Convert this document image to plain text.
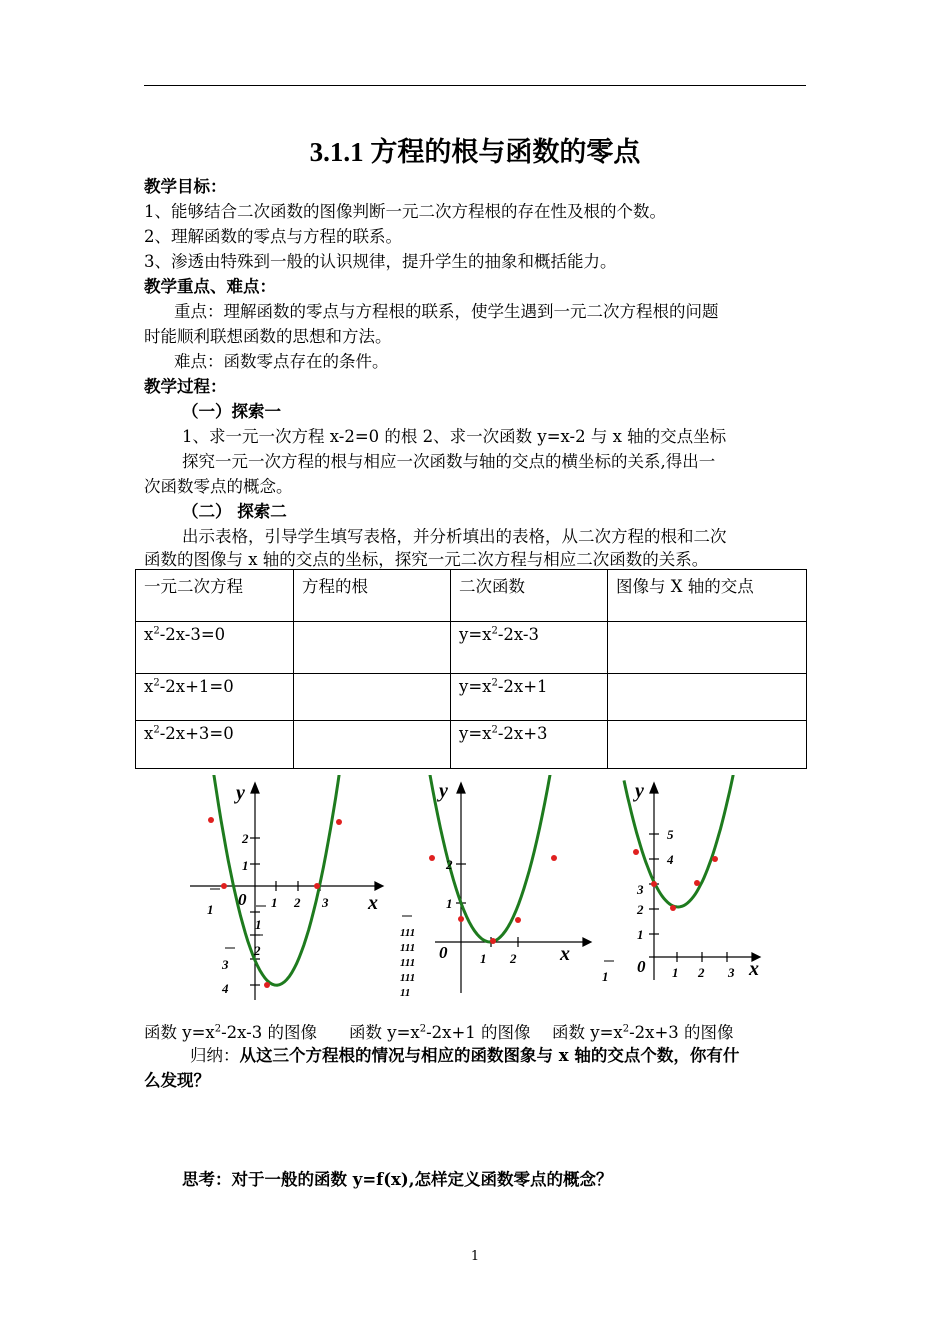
3.1.1 方程的根与函数的零点
教学目标：
1、能够结合二次函数的图像判断一元二次方程根的存在性及根的个数。
2、理解函数的零点与方程的联系。
3、渗透由特殊到一般的认识规律，提升学生的抽象和概括能力。
教学重点、难点：
重点：理解函数的零点与方程根的联系，使学生遇到一元二次方程根的问题
时能顺利联想函数的思想和方法。
难点：函数零点存在的条件。
教学过程：
（一）探索一
1、求一元一次方程 x-2=0 的根 2、求一次函数 y=x-2 与 x 轴的交点坐标
探究一元一次方程的根与相应一次函数与轴的交点的横坐标的关系,得出一
次函数零点的概念。
（二） 探索二
出示表格，引导学生填写表格，并分析填出的表格，从二次方程的根和二次
函数的图像与 x 轴的交点的坐标，探究一元二次方程与相应二次函数的关系。
一元二次方程	方程的根	二次函数	图像与 X 轴的交点
$x^2-2x-3=0$		$y=x^2-2x-3$	
$x^2-2x+1=0$		$y=x^2-2x+1$	
$x^2-2x+3=0$		$y=x^2-2x+3$	
y
x
0
2
1
1	1 2 3
1
2
3
4
y
x
0
2
1
1 2
111
111
111
111
11
y
x
0
5
4
3
2
1
1	1 2 3
函数 $y=x^2-2x-3$ 的图像 函数 $y=x^2-2x+1$ 的图像 函数 $y=x^2-2x+3$ 的图像
归纳：从这三个方程根的情况与相应的函数图象与 x 轴的交点个数，你有什
么发现？
思考：对于一般的函数 y=f(x),怎样定义函数零点的概念？
1
